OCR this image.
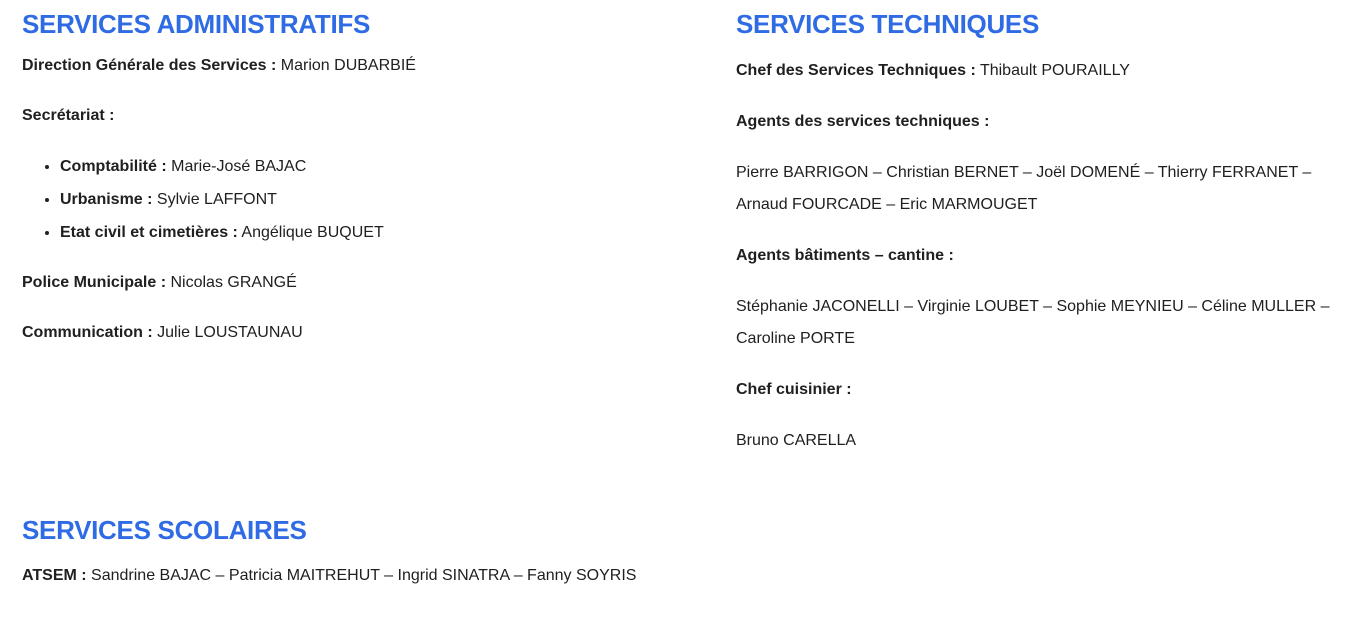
SERVICES ADMINISTRATIFS

Direction Générale des Services : Marion DUBARBIÉ

Secrétariat :

• Comptabilité : Marie-José BAJAC
• Urbanisme : Sylvie LAFFONT
• Etat civil et cimetières : Angélique BUQUET

Police Municipale : Nicolas GRANGÉ

Communication : Julie LOUSTAUNAU

SERVICES TECHNIQUES

Chef des Services Techniques : Thibault POURAILLY

Agents des services techniques :

Pierre BARRIGON – Christian BERNET – Joël DOMENÉ – Thierry FERRANET – Arnaud FOURCADE – Eric MARMOUGET

Agents bâtiments – cantine :

Stéphanie JACONELLI – Virginie LOUBET – Sophie MEYNIEU – Céline MULLER – Caroline PORTE

Chef cuisinier :

Bruno CARELLA

SERVICES SCOLAIRES

ATSEM : Sandrine BAJAC – Patricia MAITREHUT – Ingrid SINATRA – Fanny SOYRIS
